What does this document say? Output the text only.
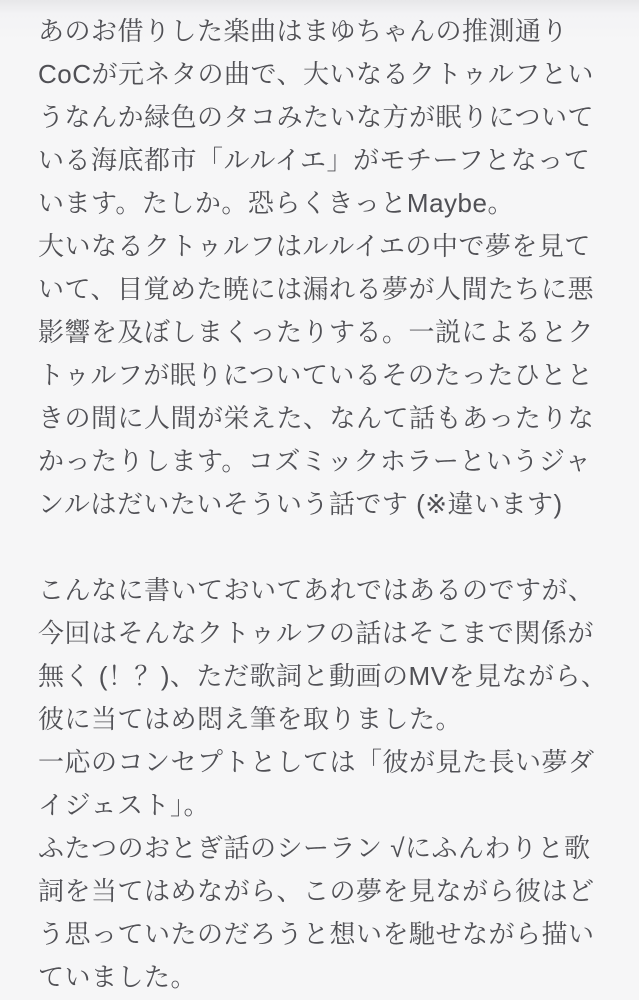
あのお借りした楽曲はまゆちゃんの推測通り

CoCが元ネタの曲で、大いなるクトゥルフとい

うなんか緑色のタコみたいな方が眠りについて

いる海底都市「ルルイエ」がモチーフとなって

います。たしか。恐らくきっとMaybe。

大いなるクトゥルフはルルイエの中で夢を見て

いて、目覚めた暁には漏れる夢が人間たちに悪

影響を及ぼしまくったりする。一説によるとク

トゥルフが眠りについているそのたったひとと

きの間に人間が栄えた、なんて話もあったりな

かったりします。コズミックホラーというジャ

ンルはだいたいそういう話です (※違います)

こんなに書いておいてあれではあるのですが、

今回はそんなクトゥルフの話はそこまで関係が

無く (！？)、ただ歌詞と動画のMVを見ながら、

彼に当てはめ悶え筆を取りました。

一応のコンセプトとしては「彼が見た長い夢ダ

イジェスト」。

ふたつのおとぎ話のシーラン √にふんわりと歌

詞を当てはめながら、この夢を見ながら彼はど

う思っていたのだろうと想いを馳せながら描い

ていました。
